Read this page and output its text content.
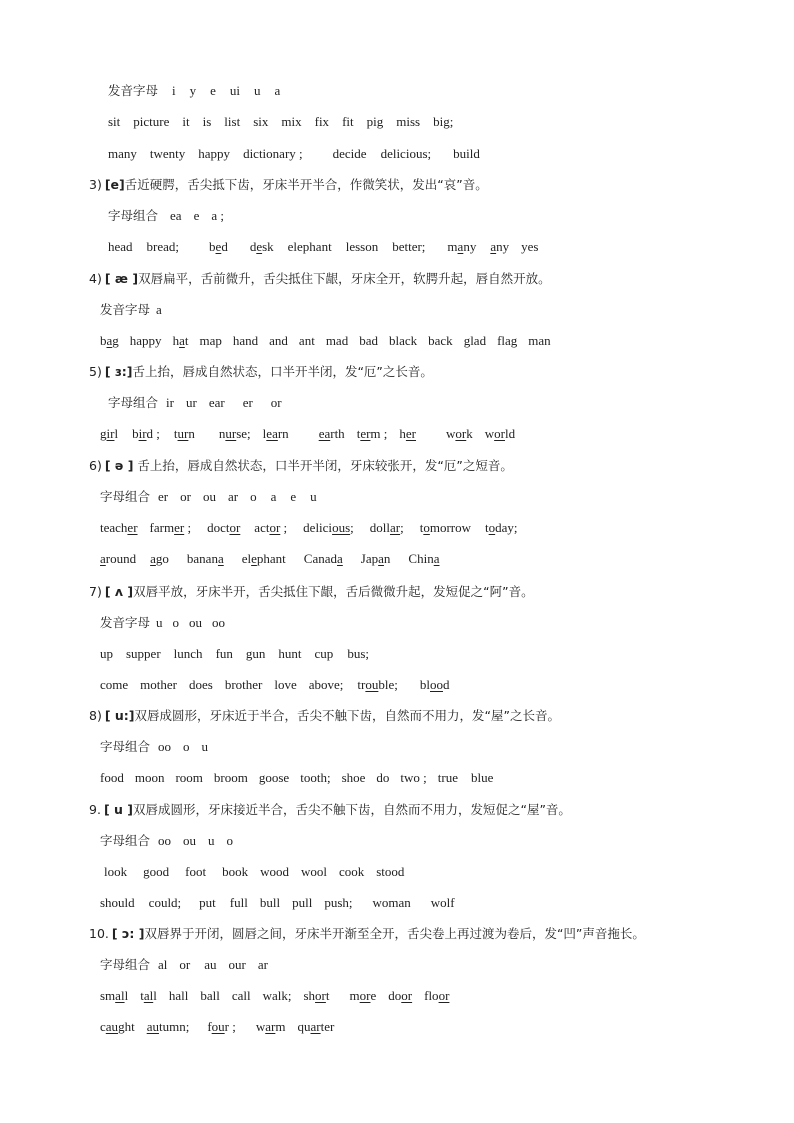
发音字母 i y e ui u a
sit picture it is list six mix fix fit pig miss big;
many twenty happy dictionary ; decide delicious; build
3) [e]舌近硬腭，舌尖抵下齿，牙床半开半合，作微笑状，发出“哀”音。
字母组合 ea e a ;
head bread; bed desk elephant lesson better; many any yes
4) [ æ ]双唇扁平，舌前微升，舌尖抵住下龈，牙床全开，软腭升起，唇自然开放。
发音字母 a
bag happy hat map hand and ant mad bad black back glad flag man
5) [ ɜ:]舌上抬，唇成自然状态，口半开半闭，发“厄”之长音。
字母组合 ir ur ear er or
girl bird ; turn nurse; learn earth term ; her work world
6) [ ə ] 舌上抬，唇成自然状态，口半开半闭，牙床较张开，发“厄”之短音。
字母组合 er or ou ar o a e u
teacher farmer ; doctor actor ; delicious; dollar; tomorrow today;
around ago banana elephant Canada Japan China
7) [ ʌ ]双唇平放，牙床半开，舌尖抵住下龈，舌后微微升起，发短促之“阿”音。
发音字母 u o ou oo
up supper lunch fun gun hunt cup bus;
come mother does brother love above; trouble; blood
8) [ u:]双唇成圆形，牙床近于半合，舌尖不触下齿，自然而不用力，发“屋”之长音。
字母组合 oo o u
food moon room broom goose tooth; shoe do two ; true blue
9. [ u ]双唇成圆形，牙床接近半合，舌尖不触下齿，自然而不用力，发短促之“屋”音。
字母组合 oo ou u o
look good foot book wood wool cook stood
should could; put full bull pull push; woman wolf
10. [ ɔ: ]双唇界于开闭，圆唇之间，牙床半开渐至全开，舌尖卷上再过渡为卷后，发“凹”声音拖长。
字母组合 al or au our ar
small tall hall ball call walk; short more door floor
caught autumn; four ; warm quarter
